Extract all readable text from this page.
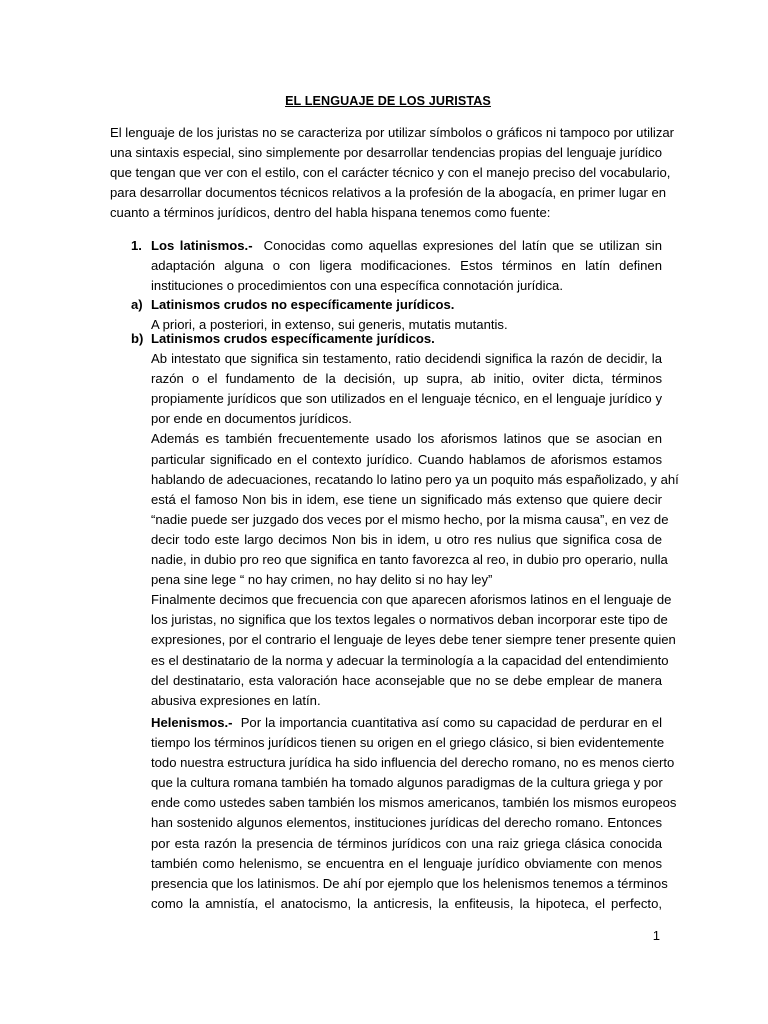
EL LENGUAJE DE LOS JURISTAS
El lenguaje de los juristas no se caracteriza por utilizar símbolos o gráficos ni tampoco por utilizar
una sintaxis especial, sino simplemente por desarrollar tendencias propias del lenguaje jurídico
que tengan que ver con el estilo, con el carácter técnico y con el manejo preciso del vocabulario,
para desarrollar documentos técnicos relativos a la profesión de la abogacía, en primer lugar en
cuanto a términos jurídicos, dentro del habla hispana tenemos como fuente:
1. Los latinismos.- Conocidas como aquellas expresiones del latín que se utilizan sin
adaptación alguna o con ligera modificaciones. Estos términos en latín definen
instituciones o procedimientos con una específica connotación jurídica.
a) Latinismos crudos no específicamente jurídicos.
A priori, a posteriori, in extenso, sui generis, mutatis mutantis.
b) Latinismos crudos específicamente jurídicos.
Ab intestato que significa sin testamento, ratio decidendi significa la razón de decidir, la
razón o el fundamento de la decisión, up supra, ab initio, oviter dicta, términos
propiamente jurídicos que son utilizados en el lenguaje técnico, en el lenguaje jurídico y
por ende en documentos jurídicos.
Además es también frecuentemente usado los aforismos latinos que se asocian en
particular significado en el contexto jurídico. Cuando hablamos de aforismos estamos
hablando de adecuaciones, recatando lo latino pero ya un poquito más españolizado, y ahí
está el famoso Non bis in idem, ese tiene un significado más extenso que quiere decir
“nadie puede ser juzgado dos veces por el mismo hecho, por la misma causa”, en vez de
decir todo este largo decimos Non bis in idem, u otro res nulius que significa cosa de
nadie, in dubio pro reo que significa en tanto favorezca al reo, in dubio pro operario, nulla
pena sine lege “ no hay crimen, no hay delito si no hay ley”
Finalmente decimos que frecuencia con que aparecen aforismos latinos en el lenguaje de
los juristas, no significa que los textos legales o normativos deban incorporar este tipo de
expresiones, por el contrario el lenguaje de leyes debe tener siempre tener presente quien
es el destinatario de la norma y adecuar la terminología a la capacidad del entendimiento
del destinatario, esta valoración hace aconsejable que no se debe emplear de manera
abusiva expresiones en latín.
Helenismos.- Por la importancia cuantitativa así como su capacidad de perdurar en el
tiempo los términos jurídicos tienen su origen en el griego clásico, si bien evidentemente
todo nuestra estructura jurídica ha sido influencia del derecho romano, no es menos cierto
que la cultura romana también ha tomado algunos paradigmas de la cultura griega y por
ende como ustedes saben también los mismos americanos, también los mismos europeos
han sostenido algunos elementos, instituciones jurídicas del derecho romano. Entonces
por esta razón la presencia de términos jurídicos con una raiz griega clásica conocida
también como helenismo, se encuentra en el lenguaje jurídico obviamente con menos
presencia que los latinismos. De ahí por ejemplo que los helenismos tenemos a términos
como la amnistía, el anatocismo, la anticresis, la enfiteusis, la hipoteca, el perfecto,
1
